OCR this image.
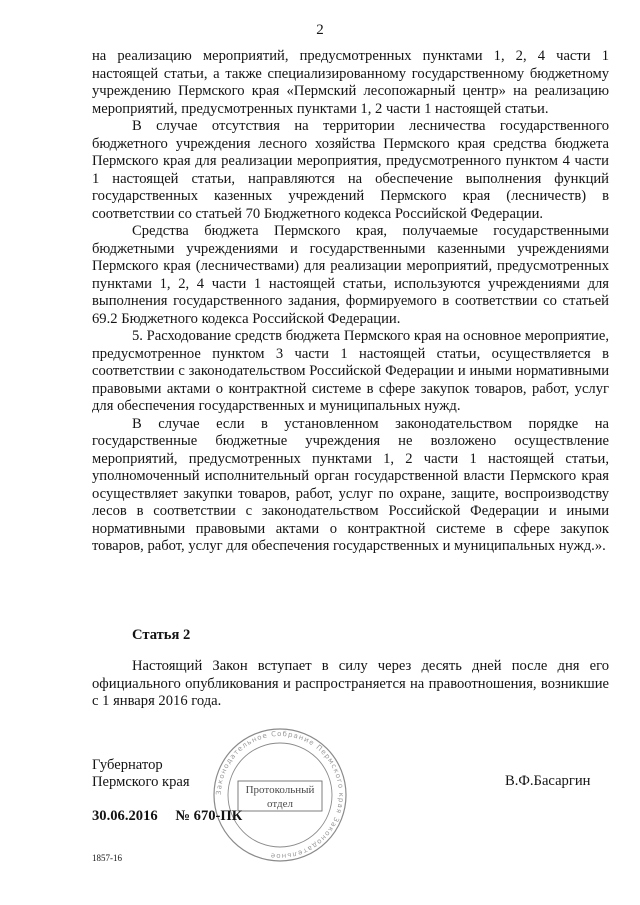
2

на реализацию мероприятий, предусмотренных пунктами 1, 2, 4 части 1 настоящей статьи, а также специализированному государственному бюджетному учреждению Пермского края «Пермский лесопожарный центр» на реализацию мероприятий, предусмотренных пунктами 1, 2 части 1 настоящей статьи.

В случае отсутствия на территории лесничества государственного бюджетного учреждения лесного хозяйства Пермского края средства бюджета Пермского края для реализации мероприятия, предусмотренного пунктом 4 части 1 настоящей статьи, направляются на обеспечение выполнения функций государственных казенных учреждений Пермского края (лесничеств) в соответствии со статьей 70 Бюджетного кодекса Российской Федерации.

Средства бюджета Пермского края, получаемые государственными бюджетными учреждениями и государственными казенными учреждениями Пермского края (лесничествами) для реализации мероприятий, предусмотренных пунктами 1, 2, 4 части 1 настоящей статьи, используются учреждениями для выполнения государственного задания, формируемого в соответствии со статьей 69.2 Бюджетного кодекса Российской Федерации.

5. Расходование средств бюджета Пермского края на основное мероприятие, предусмотренное пунктом 3 части 1 настоящей статьи, осуществляется в соответствии с законодательством Российской Федерации и иными нормативными правовыми актами о контрактной системе в сфере закупок товаров, работ, услуг для обеспечения государственных и муниципальных нужд.

В случае если в установленном законодательством порядке на государственные бюджетные учреждения не возложено осуществление мероприятий, предусмотренных пунктами 1, 2 части 1 настоящей статьи, уполномоченный исполнительный орган государственной власти Пермского края осуществляет закупки товаров, работ, услуг по охране, защите, воспроизводству лесов в соответствии с законодательством Российской Федерации и иными нормативными правовыми актами о контрактной системе в сфере закупок товаров, работ, услуг для обеспечения государственных и муниципальных нужд.».

Статья 2
Настоящий Закон вступает в силу через десять дней после дня его официального опубликования и распространяется на правоотношения, возникшие с 1 января 2016 года.
Губернатор
Пермского края	В.Ф.Басаргин
Законодательное Собрание Пермского края Законодательное
Протокольный
отдел
30.06.2016 № 670-ПК
1857-16
